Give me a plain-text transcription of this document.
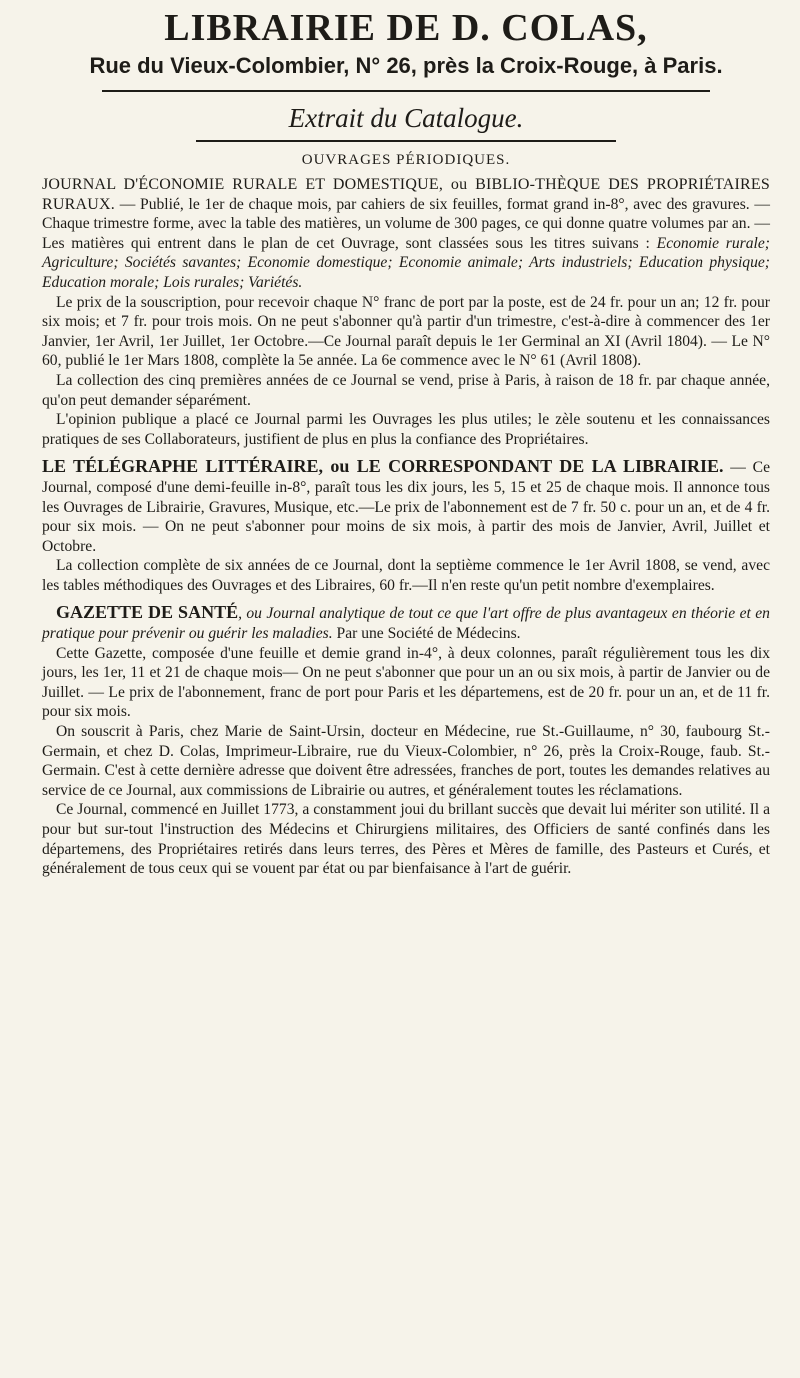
LIBRAIRIE DE D. COLAS,
Rue du Vieux-Colombier, N° 26, près la Croix-Rouge, à Paris.
Extrait du Catalogue.
OUVRAGES PÉRIODIQUES.

JOURNAL D'ÉCONOMIE RURALE ET DOMESTIQUE, ou BIBLIO-THÈQUE DES PROPRIÉTAIRES RURAUX. — Publié, le 1er de chaque mois, par cahiers de six feuilles, format grand in-8°, avec des gravures. — Chaque trimestre forme, avec la table des matières, un volume de 300 pages, ce qui donne quatre volumes par an. — Les matières qui entrent dans le plan de cet Ouvrage, sont classées sous les titres suivans : Economie rurale; Agriculture; Sociétés savantes; Economie domestique; Economie animale; Arts industriels; Education physique; Education morale; Lois rurales; Variétés.

Le prix de la souscription, pour recevoir chaque N° franc de port par la poste, est de 24 fr. pour un an; 12 fr. pour six mois; et 7 fr. pour trois mois. On ne peut s'abonner qu'à partir d'un trimestre, c'est-à-dire à commencer des 1er Janvier, 1er Avril, 1er Juillet, 1er Octobre.—Ce Journal paraît depuis le 1er Germinal an XI (Avril 1804). — Le N° 60, publié le 1er Mars 1808, complète la 5e année. La 6e commence avec le N° 61 (Avril 1808).

La collection des cinq premières années de ce Journal se vend, prise à Paris, à raison de 18 fr. par chaque année, qu'on peut demander séparément.

L'opinion publique a placé ce Journal parmi les Ouvrages les plus utiles; le zèle soutenu et les connaissances pratiques de ses Collaborateurs, justifient de plus en plus la confiance des Propriétaires.

LE TÉLÉGRAPHE LITTÉRAIRE, ou LE CORRESPONDANT DE LA LIBRAIRIE. — Ce Journal, composé d'une demi-feuille in-8°, paraît tous les dix jours, les 5, 15 et 25 de chaque mois. Il annonce tous les Ouvrages de Librairie, Gravures, Musique, etc.—Le prix de l'abonnement est de 7 fr. 50 c. pour un an, et de 4 fr. pour six mois. — On ne peut s'abonner pour moins de six mois, à partir des mois de Janvier, Avril, Juillet et Octobre.

La collection complète de six années de ce Journal, dont la septième commence le 1er Avril 1808, se vend, avec les tables méthodiques des Ouvrages et des Libraires, 60 fr.—Il n'en reste qu'un petit nombre d'exemplaires.

GAZETTE DE SANTÉ, ou Journal analytique de tout ce que l'art offre de plus avantageux en théorie et en pratique pour prévenir ou guérir les maladies. Par une Société de Médecins.

Cette Gazette, composée d'une feuille et demie grand in-4°, à deux colonnes, paraît régulièrement tous les dix jours, les 1er, 11 et 21 de chaque mois— On ne peut s'abonner que pour un an ou six mois, à partir de Janvier ou de Juillet. — Le prix de l'abonnement, franc de port pour Paris et les départemens, est de 20 fr. pour un an, et de 11 fr. pour six mois.

On souscrit à Paris, chez Marie de Saint-Ursin, docteur en Médecine, rue St.-Guillaume, n° 30, faubourg St.-Germain, et chez D. Colas, Imprimeur-Libraire, rue du Vieux-Colombier, n° 26, près la Croix-Rouge, faub. St.-Germain. C'est à cette dernière adresse que doivent être adressées, franches de port, toutes les demandes relatives au service de ce Journal, aux commissions de Librairie ou autres, et généralement toutes les réclamations.

Ce Journal, commencé en Juillet 1773, a constamment joui du brillant succès que devait lui mériter son utilité. Il a pour but sur-tout l'instruction des Médecins et Chirurgiens militaires, des Officiers de santé confinés dans les départemens, des Propriétaires retirés dans leurs terres, des Pères et Mères de famille, des Pasteurs et Curés, et généralement de tous ceux qui se vouent par état ou par bienfaisance à l'art de guérir.
